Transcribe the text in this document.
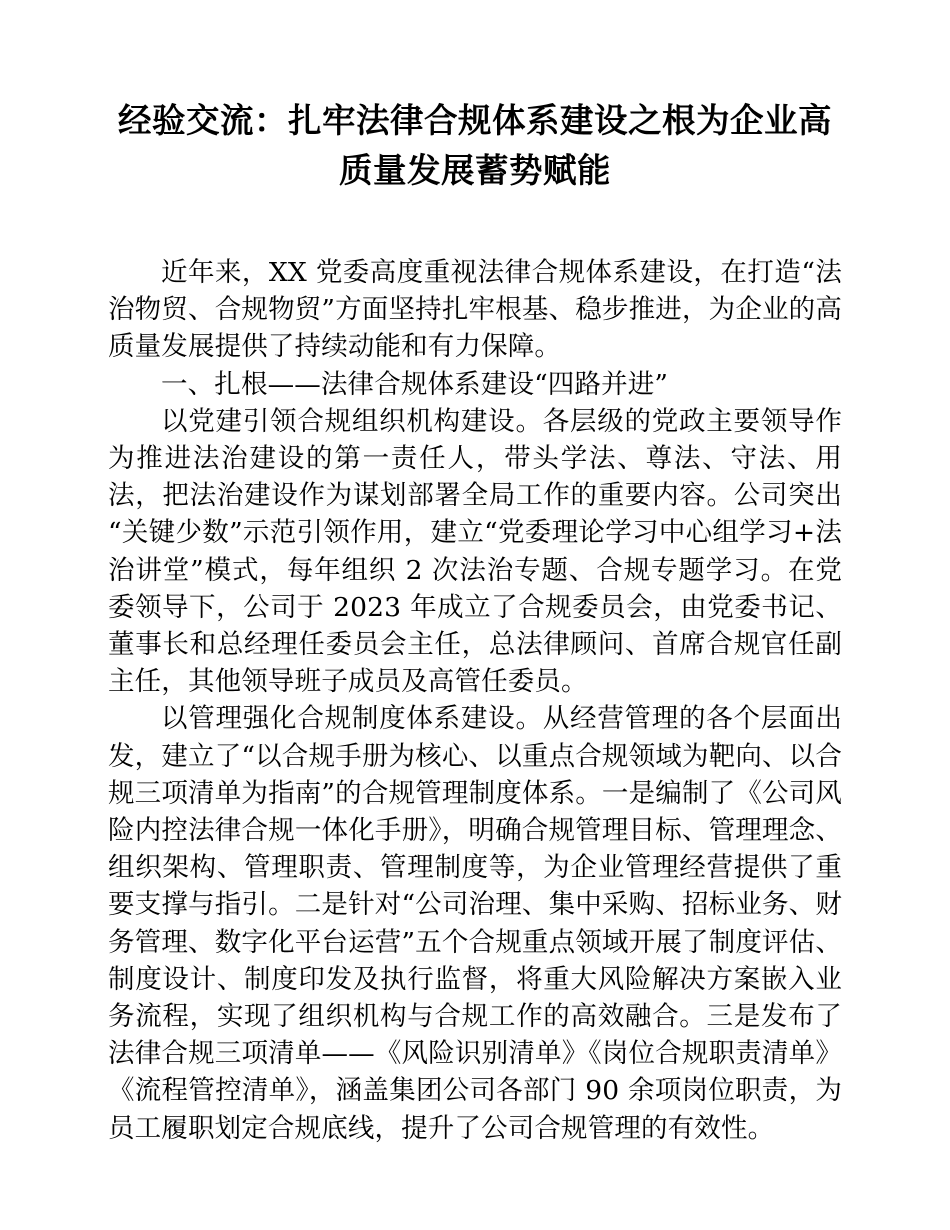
经验交流：扎牢法律合规体系建设之根为企业高质量发展蓄势赋能

近年来，XX 党委高度重视法律合规体系建设，在打造“法治物贸、合规物贸”方面坚持扎牢根基、稳步推进，为企业的高质量发展提供了持续动能和有力保障。

一、扎根——法律合规体系建设“四路并进”

以党建引领合规组织机构建设。各层级的党政主要领导作为推进法治建设的第一责任人，带头学法、尊法、守法、用法，把法治建设作为谋划部署全局工作的重要内容。公司突出“关键少数”示范引领作用，建立“党委理论学习中心组学习+法治讲堂”模式，每年组织 2 次法治专题、合规专题学习。在党委领导下，公司于 2023 年成立了合规委员会，由党委书记、董事长和总经理任委员会主任，总法律顾问、首席合规官任副主任，其他领导班子成员及高管任委员。

以管理强化合规制度体系建设。从经营管理的各个层面出发，建立了“以合规手册为核心、以重点合规领域为靶向、以合规三项清单为指南”的合规管理制度体系。一是编制了《公司风险内控法律合规一体化手册》，明确合规管理目标、管理理念、组织架构、管理职责、管理制度等，为企业管理经营提供了重要支撑与指引。二是针对“公司治理、集中采购、招标业务、财务管理、数字化平台运营”五个合规重点领域开展了制度评估、制度设计、制度印发及执行监督，将重大风险解决方案嵌入业务流程，实现了组织机构与合规工作的高效融合。三是发布了法律合规三项清单——《风险识别清单》《岗位合规职责清单》《流程管控清单》，涵盖集团公司各部门 90 余项岗位职责，为员工履职划定合规底线，提升了公司合规管理的有效性。
